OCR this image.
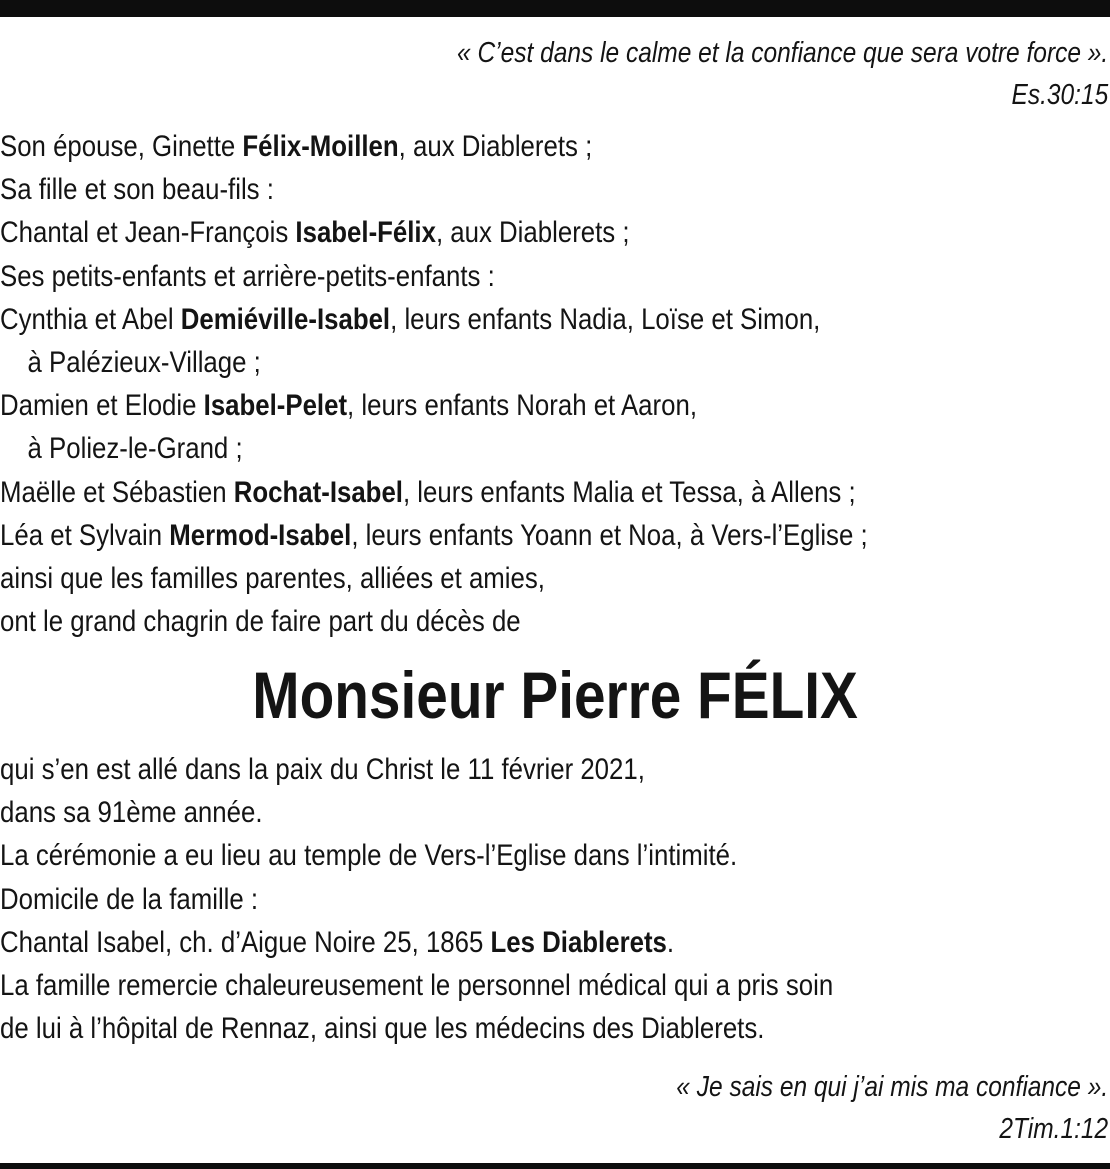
« C’est dans le calme et la confiance que sera votre force ».
Es.30:15
Son épouse, Ginette Félix-Moillen, aux Diablerets ;
Sa fille et son beau-fils :
Chantal et Jean-François Isabel-Félix, aux Diablerets ;
Ses petits-enfants et arrière-petits-enfants :
Cynthia et Abel Demiéville-Isabel, leurs enfants Nadia, Loïse et Simon,
à Palézieux-Village ;
Damien et Elodie Isabel-Pelet, leurs enfants Norah et Aaron,
à Poliez-le-Grand ;
Maëlle et Sébastien Rochat-Isabel, leurs enfants Malia et Tessa, à Allens ;
Léa et Sylvain Mermod-Isabel, leurs enfants Yoann et Noa, à Vers-l’Eglise ;
ainsi que les familles parentes, alliées et amies,
ont le grand chagrin de faire part du décès de
Monsieur Pierre FÉLIX
qui s’en est allé dans la paix du Christ le 11 février 2021,
dans sa 91ème année.
La cérémonie a eu lieu au temple de Vers-l’Eglise dans l’intimité.
Domicile de la famille :
Chantal Isabel, ch. d’Aigue Noire 25, 1865 Les Diablerets.
La famille remercie chaleureusement le personnel médical qui a pris soin
de lui à l’hôpital de Rennaz, ainsi que les médecins des Diablerets.
« Je sais en qui j’ai mis ma confiance ».
2Tim.1:12
